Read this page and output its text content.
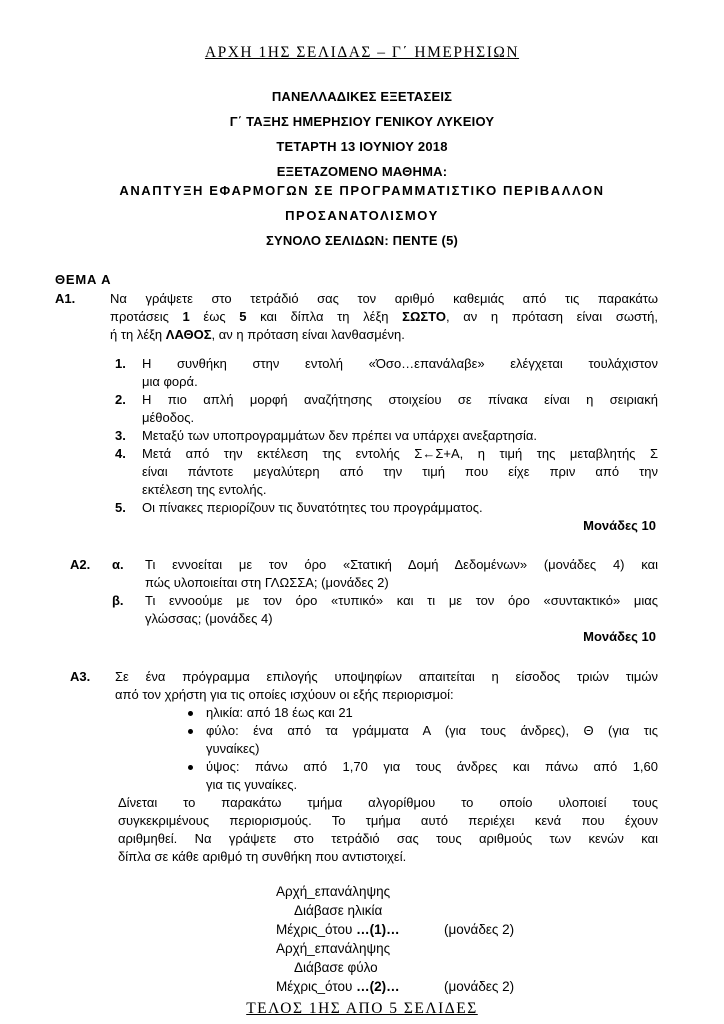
ΑΡΧΗ 1ΗΣ ΣΕΛΙΔΑΣ – Γ΄ ΗΜΕΡΗΣΙΩΝ
ΠΑΝΕΛΛΑΔΙΚΕΣ ΕΞΕΤΑΣΕΙΣ
Γ΄ ΤΑΞΗΣ ΗΜΕΡΗΣΙΟΥ ΓΕΝΙΚΟΥ ΛΥΚΕΙΟΥ
ΤΕΤΑΡΤΗ 13 ΙΟΥΝΙΟΥ 2018
ΕΞΕΤΑΖΟΜΕΝΟ ΜΑΘΗΜΑ:
ΑΝΑΠΤΥΞΗ ΕΦΑΡΜΟΓΩΝ ΣΕ ΠΡΟΓΡΑΜΜΑΤΙΣΤΙΚΟ ΠΕΡΙΒΑΛΛΟΝ
ΠΡΟΣΑΝΑΤΟΛΙΣΜΟΥ
ΣΥΝΟΛΟ ΣΕΛΙΔΩΝ: ΠΕΝΤΕ (5)
ΘΕΜΑ Α
Α1.	Να γράψετε στο τετράδιό σας τον αριθμό καθεμιάς από τις παρακάτω
προτάσεις 1 έως 5 και δίπλα τη λέξη ΣΩΣΤΟ, αν η πρόταση είναι σωστή,
ή τη λέξη ΛΑΘΟΣ, αν η πρόταση είναι λανθασμένη.
1. Η συνθήκη στην εντολή «Όσο…επανάλαβε» ελέγχεται τουλάχιστον
μια φορά.
2. Η πιο απλή μορφή αναζήτησης στοιχείου σε πίνακα είναι η σειριακή
μέθοδος.
3. Μεταξύ των υποπρογραμμάτων δεν πρέπει να υπάρχει ανεξαρτησία.
4. Μετά από την εκτέλεση της εντολής Σ←Σ+Α, η τιμή της μεταβλητής Σ
είναι πάντοτε μεγαλύτερη από την τιμή που είχε πριν από την
εκτέλεση της εντολής.
5. Οι πίνακες περιορίζουν τις δυνατότητες του προγράμματος.
Μονάδες 10
Α2. α. Τι εννοείται με τον όρο «Στατική Δομή Δεδομένων» (μονάδες 4) και
πώς υλοποιείται στη ΓΛΩΣΣΑ; (μονάδες 2)
β. Τι εννοούμε με τον όρο «τυπικό» και τι με τον όρο «συντακτικό» μιας
γλώσσας; (μονάδες 4)
Μονάδες 10
Α3. Σε ένα πρόγραμμα επιλογής υποψηφίων απαιτείται η είσοδος τριών τιμών
από τον χρήστη για τις οποίες ισχύουν οι εξής περιορισμοί:
ηλικία: από 18 έως και 21
φύλο: ένα από τα γράμματα Α (για τους άνδρες), Θ (για τις
γυναίκες)
ύψος: πάνω από 1,70 για τους άνδρες και πάνω από 1,60
για τις γυναίκες.
Δίνεται το παρακάτω τμήμα αλγορίθμου το οποίο υλοποιεί τους
συγκεκριμένους περιορισμούς. Το τμήμα αυτό περιέχει κενά που έχουν
αριθμηθεί. Να γράψετε στο τετράδιό σας τους αριθμούς των κενών και
δίπλα σε κάθε αριθμό τη συνθήκη που αντιστοιχεί.
Αρχή_επανάληψης
Διάβασε ηλικία
Μέχρις_ότου …(1)…	(μονάδες 2)
Αρχή_επανάληψης
Διάβασε φύλο
Μέχρις_ότου …(2)…	(μονάδες 2)
ΤΕΛΟΣ 1ΗΣ ΑΠΟ 5 ΣΕΛΙΔΕΣ
